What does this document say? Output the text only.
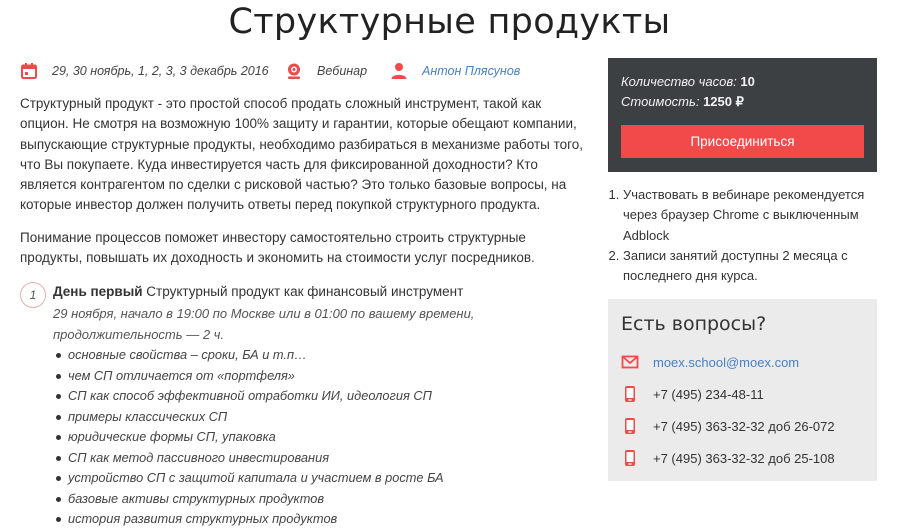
Структурные продукты
29, 30 ноябрь, 1, 2, 3, 3 декабрь 2016	Вебинар	Антон Плясунов

Структурный продукт - это простой способ продать сложный инструмент, такой как опцион. Не смотря на возможную 100% защиту и гарантии, которые обещают компании, выпускающие структурные продукты, необходимо разбираться в механизме работы того, что Вы покупаете. Куда инвестируется часть для фиксированной доходности? Кто является контрагентом по сделки с рисковой частью? Это только базовые вопросы, на которые инвестор должен получить ответы перед покупкой структурного продукта.

Понимание процессов поможет инвестору самостоятельно строить структурные продукты, повышать их доходность и экономить на стоимости услуг посредников.

1	День первый Структурный продукт как финансовый инструмент
29 ноября, начало в 19:00 по Москве или в 01:00 по вашему времени, продолжительность — 2 ч.
основные свойства – сроки, БА и т.п…
чем СП отличается от «портфеля»
СП как способ эффективной отработки ИИ, идеология СП
примеры классических СП
юридические формы СП, упаковка
СП как метод пассивного инвестирования
устройство СП с защитой капитала и участием в росте БА
базовые активы структурных продуктов
история развития структурных продуктов
Количество часов: 10
Стоимость: 1250 ₽
Присоединиться
1. Участвовать в вебинаре рекомендуется через браузер Chrome с выключенным Adblock
2. Записи занятий доступны 2 месяца с последнего дня курса.
Есть вопросы?
moex.school@moex.com
+7 (495) 234-48-11
+7 (495) 363-32-32 доб 26-072
+7 (495) 363-32-32 доб 25-108
